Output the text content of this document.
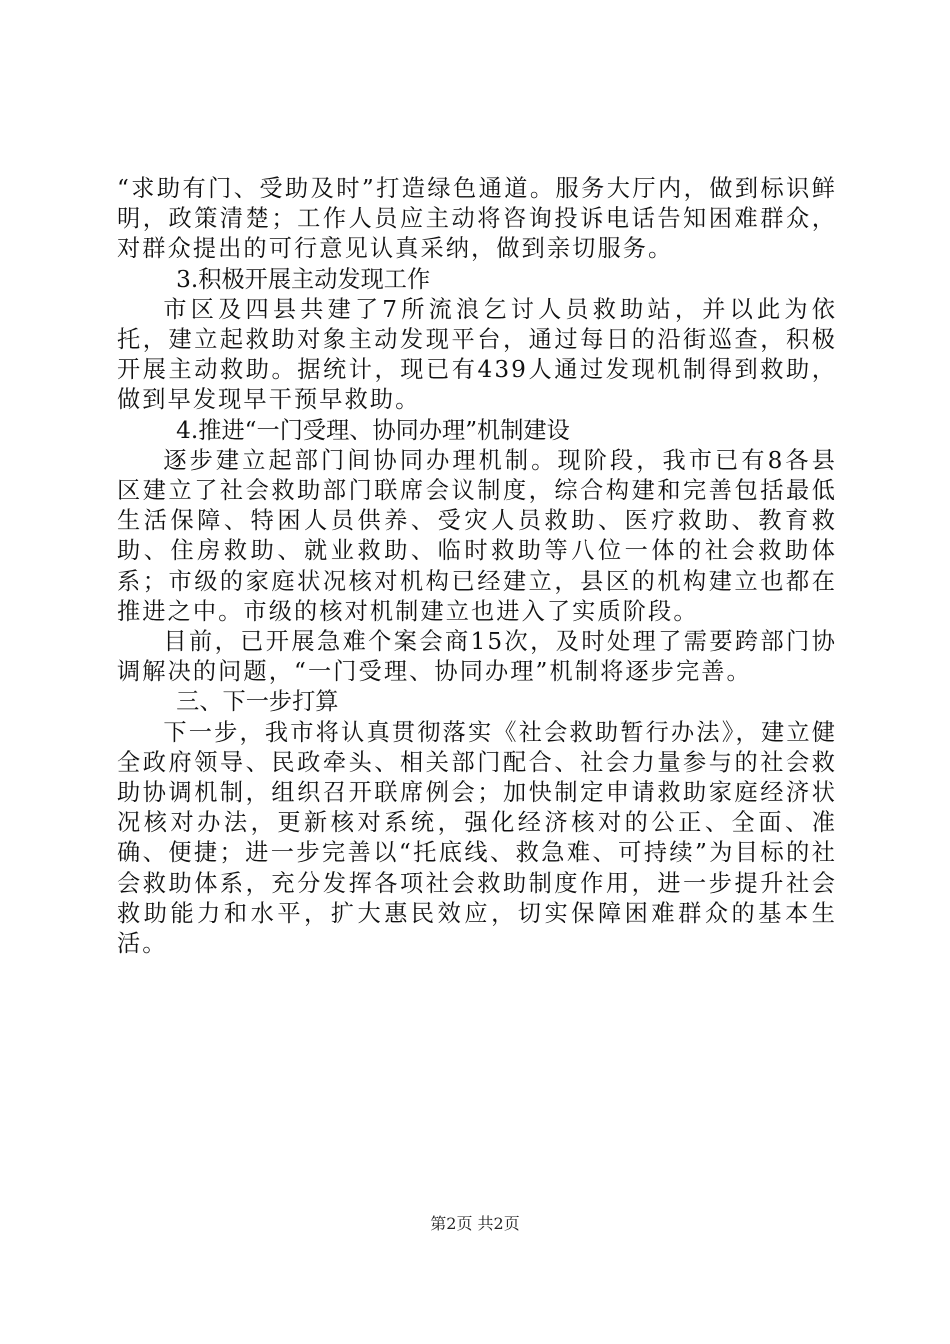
“求助有门、受助及时”打造绿色通道。服务大厅内，做到标识鲜明，政策清楚；工作人员应主动将咨询投诉电话告知困难群众，对群众提出的可行意见认真采纳，做到亲切服务。

3.积极开展主动发现工作

市区及四县共建了7所流浪乞讨人员救助站，并以此为依托，建立起救助对象主动发现平台，通过每日的沿街巡查，积极开展主动救助。据统计，现已有439人通过发现机制得到救助，做到早发现早干预早救助。

4.推进“一门受理、协同办理”机制建设

逐步建立起部门间协同办理机制。现阶段，我市已有8各县区建立了社会救助部门联席会议制度，综合构建和完善包括最低生活保障、特困人员供养、受灾人员救助、医疗救助、教育救助、住房救助、就业救助、临时救助等八位一体的社会救助体系；市级的家庭状况核对机构已经建立，县区的机构建立也都在推进之中。市级的核对机制建立也进入了实质阶段。

目前，已开展急难个案会商15次，及时处理了需要跨部门协调解决的问题，“一门受理、协同办理”机制将逐步完善。

三、下一步打算

下一步，我市将认真贯彻落实《社会救助暂行办法》，建立健全政府领导、民政牵头、相关部门配合、社会力量参与的社会救助协调机制，组织召开联席例会；加快制定申请救助家庭经济状况核对办法，更新核对系统，强化经济核对的公正、全面、准确、便捷；进一步完善以“托底线、救急难、可持续”为目标的社会救助体系，充分发挥各项社会救助制度作用，进一步提升社会救助能力和水平，扩大惠民效应，切实保障困难群众的基本生活。

第2页 共2页
